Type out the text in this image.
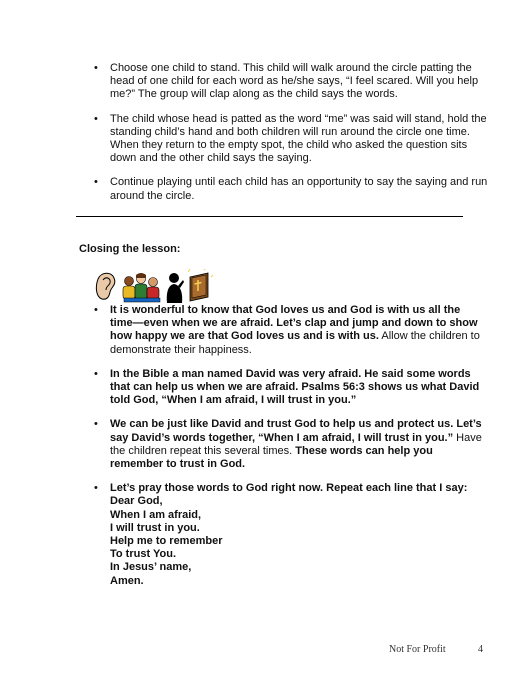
• Choose one child to stand. This child will walk around the circle patting the head of one child for each word as he/she says, “I feel scared. Will you help me?” The group will clap along as the child says the words.
• The child whose head is patted as the word “me” was said will stand, hold the standing child’s hand and both children will run around the circle one time. When they return to the empty spot, the child who asked the question sits down and the other child says the saying.
• Continue playing until each child has an opportunity to say the saying and run around the circle.
Closing the lesson:
• It is wonderful to know that God loves us and God is with us all the time—even when we are afraid. Let’s clap and jump and down to show how happy we are that God loves us and is with us. Allow the children to demonstrate their happiness.
• In the Bible a man named David was very afraid. He said some words that can help us when we are afraid. Psalms 56:3 shows us what David told God, “When I am afraid, I will trust in you.”
• We can be just like David and trust God to help us and protect us. Let’s say David’s words together, “When I am afraid, I will trust in you.” Have the children repeat this several times. These words can help you remember to trust in God.
• Let’s pray those words to God right now. Repeat each line that I say:
Dear God,
When I am afraid,
I will trust in you.
Help me to remember
To trust You.
In Jesus’ name,
Amen.
Not For Profit	4
